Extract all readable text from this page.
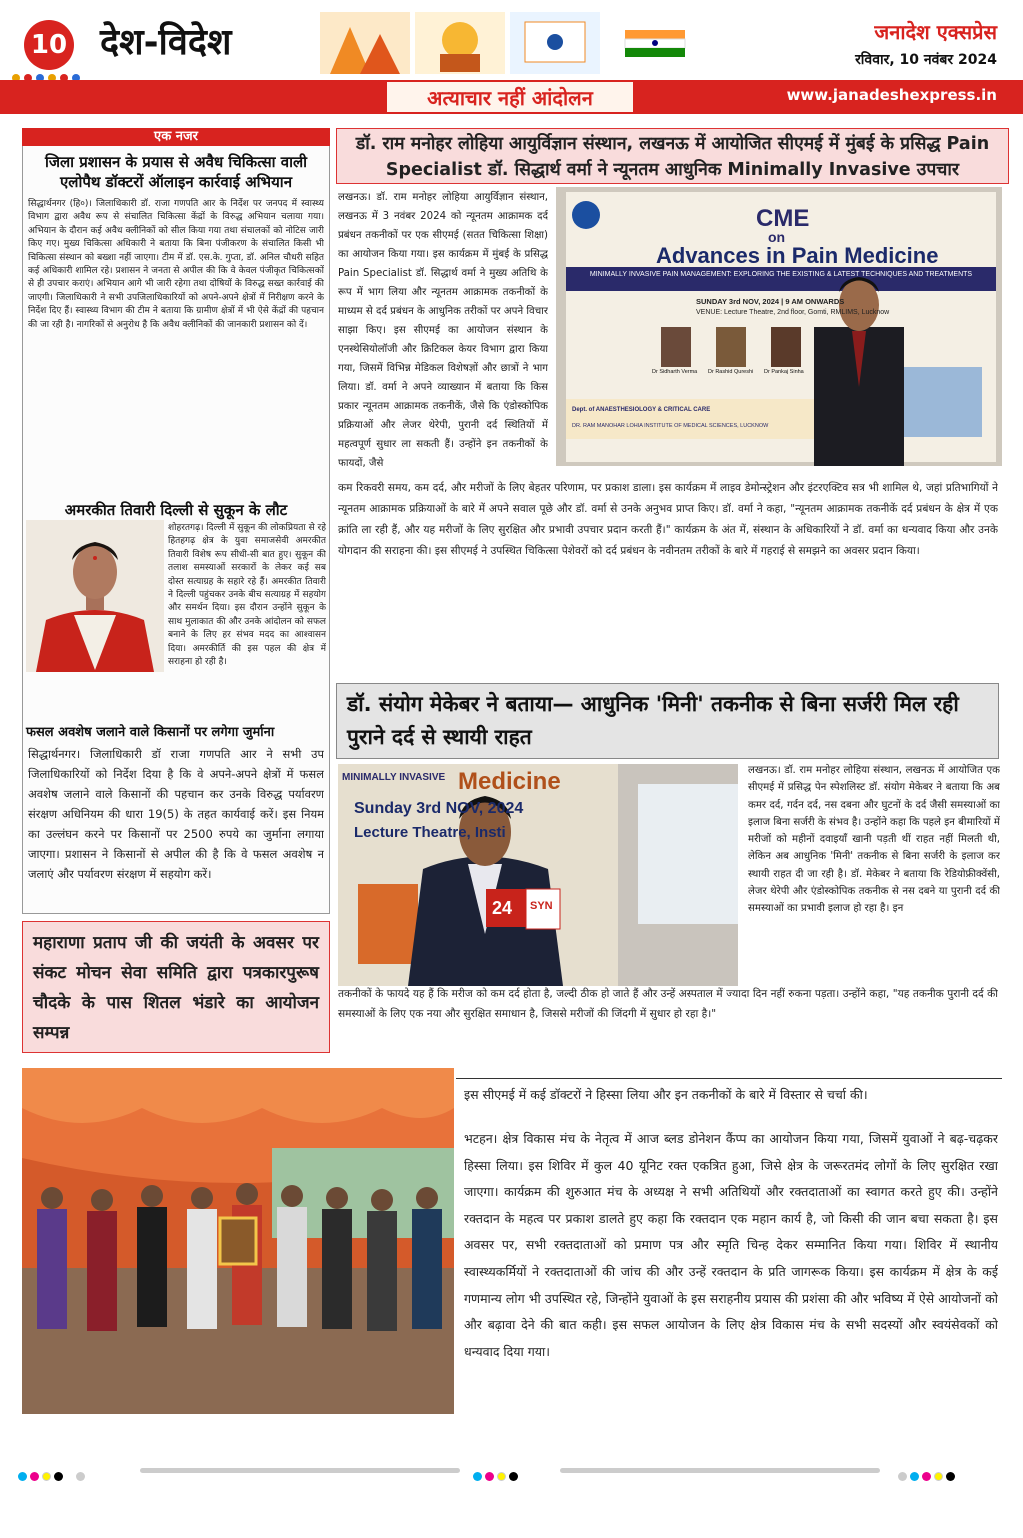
10 देश-विदेश	जनादेश एक्सप्रेस
रविवार, 10 नवंबर 2024
अत्याचार नहीं आंदोलन	www.janadeshexpress.in
एक नजर
जिला प्रशासन के प्रयास से अवैध चिकित्सा वाली एलोपैथ डॉक्टरों ऑलाइन कार्रवाई अभियान
सिद्धार्थनगर (हि०)। जिलाधिकारी डॉ. राजा गणपति आर के निर्देश पर जनपद में स्वास्थ्य विभाग द्वारा अवैध रूप से संचालित चिकित्सा केंद्रों के विरुद्ध अभियान चलाया गया। अभियान के दौरान कई अवैध क्लीनिकों को सील किया गया तथा संचालकों को नोटिस जारी किए गए। मुख्य चिकित्सा अधिकारी ने बताया कि बिना पंजीकरण के संचालित किसी भी चिकित्सा संस्थान को बख्शा नहीं जाएगा। टीम में डॉ. एस.के. गुप्ता, डॉ. अनिल चौधरी सहित कई अधिकारी शामिल रहे। प्रशासन ने जनता से अपील की कि वे केवल पंजीकृत चिकित्सकों से ही उपचार कराएं। अभियान आगे भी जारी रहेगा तथा दोषियों के विरुद्ध सख्त कार्रवाई की जाएगी। जिलाधिकारी ने सभी उपजिलाधिकारियों को अपने-अपने क्षेत्रों में निरीक्षण करने के निर्देश दिए हैं। स्वास्थ्य विभाग की टीम ने बताया कि ग्रामीण क्षेत्रों में भी ऐसे केंद्रों की पहचान की जा रही है। नागरिकों से अनुरोध है कि अवैध क्लीनिकों की जानकारी प्रशासन को दें।
अमरकीत तिवारी दिल्ली से सुकून के लौट
शोहरतगढ़। दिल्ली में सुकून की लोकप्रियता से रहे हितहगढ़ क्षेत्र के युवा समाजसेवी अमरकीत तिवारी विशेष रूप सीधी-सी बात हुए। सुकून की तलाश समस्याओं सरकारों के लेकर कई सब दोस्त सत्याग्रह के सहारे रहे हैं। अमरकीत तिवारी ने दिल्ली पहुंचकर उनके बीच सत्याग्रह में सहयोग और समर्थन दिया। इस दौरान उन्होंने सुकून के साथ मुलाकात की और उनके आंदोलन को सफल बनाने के लिए हर संभव मदद का आश्वासन दिया। अमरकीर्ति की इस पहल की क्षेत्र में सराहना हो रही है।
फसल अवशेष जलाने वाले किसानों पर लगेगा जुर्माना
सिद्धार्थनगर। जिलाधिकारी डॉ राजा गणपति आर ने सभी उप जिलाधिकारियों को निर्देश दिया है कि वे अपने-अपने क्षेत्रों में फसल अवशेष जलाने वाले किसानों की पहचान कर उनके विरुद्ध पर्यावरण संरक्षण अधिनियम की धारा 19(5) के तहत कार्यवाई करें। इस नियम का उल्लंघन करने पर किसानों पर 2500 रुपये का जुर्माना लगाया जाएगा। प्रशासन ने किसानों से अपील की है कि वे फसल अवशेष न जलाएं और पर्यावरण संरक्षण में सहयोग करें।
महाराणा प्रताप जी की जयंती के अवसर पर संकट मोचन सेवा समिति द्वारा पत्रकारपुरूष चौदके के पास शितल भंडारे का आयोजन सम्पन्न
डॉ. राम मनोहर लोहिया आयुर्विज्ञान संस्थान, लखनऊ में आयोजित सीएमई में मुंबई के प्रसिद्ध Pain Specialist डॉ. सिद्धार्थ वर्मा ने न्यूनतम आधुनिक Minimally Invasive उपचार
लखनऊ। डॉ. राम मनोहर लोहिया आयुर्विज्ञान संस्थान, लखनऊ में 3 नवंबर 2024 को न्यूनतम आक्रामक दर्द प्रबंधन तकनीकों पर एक सीएमई (सतत चिकित्सा शिक्षा) का आयोजन किया गया। इस कार्यक्रम में मुंबई के प्रसिद्ध Pain Specialist डॉ. सिद्धार्थ वर्मा ने मुख्य अतिथि के रूप में भाग लिया और न्यूनतम आक्रामक तकनीकों के माध्यम से दर्द प्रबंधन के आधुनिक तरीकों पर अपने विचार साझा किए। इस सीएमई का आयोजन संस्थान के एनस्थेसियोलॉजी और क्रिटिकल केयर विभाग द्वारा किया गया, जिसमें विभिन्न मेडिकल विशेषज्ञों और छात्रों ने भाग लिया। डॉ. वर्मा ने अपने व्याख्यान में बताया कि किस प्रकार न्यूनतम आक्रामक तकनीकें, जैसे कि एंडोस्कोपिक प्रक्रियाओं और लेजर थेरेपी, पुरानी दर्द स्थितियों में महत्वपूर्ण सुधार ला सकती हैं। उन्होंने इन तकनीकों के फायदों, जैसे
CME
on
Advances in Pain Medicine
MINIMALLY INVASIVE PAIN MANAGEMENT: EXPLORING THE EXISTING & LATEST TECHNIQUES AND TREATMENTS
SUNDAY 3rd NOV, 2024 | 9 AM ONWARDS
VENUE: Lecture Theatre, 2nd floor, Gomti, RMLIMS, Lucknow
Dr Sidharth Verma Dr Rashid Qureshi Dr Pankaj Sinha
Dept. of ANAESTHESIOLOGY & CRITICAL CARE
DR. RAM MANOHAR LOHIA INSTITUTE OF MEDICAL SCIENCES, LUCKNOW
कम रिकवरी समय, कम दर्द, और मरीजों के लिए बेहतर परिणाम, पर प्रकाश डाला। इस कार्यक्रम में लाइव डेमोन्स्ट्रेशन और इंटरएक्टिव सत्र भी शामिल थे, जहां प्रतिभागियों ने न्यूनतम आक्रामक प्रक्रियाओं के बारे में अपने सवाल पूछे और डॉ. वर्मा से उनके अनुभव प्राप्त किए। डॉ. वर्मा ने कहा, "न्यूनतम आक्रामक तकनीकें दर्द प्रबंधन के क्षेत्र में एक क्रांति ला रही हैं, और यह मरीजों के लिए सुरक्षित और प्रभावी उपचार प्रदान करती हैं।" कार्यक्रम के अंत में, संस्थान के अधिकारियों ने डॉ. वर्मा का धन्यवाद किया और उनके योगदान की सराहना की। इस सीएमई ने उपस्थित चिकित्सा पेशेवरों को दर्द प्रबंधन के नवीनतम तरीकों के बारे में गहराई से समझने का अवसर प्रदान किया।
डॉ. संयोग मेकेबर ने बताया— आधुनिक 'मिनी' तकनीक से बिना सर्जरी मिल रही पुराने दर्द से स्थायी राहत
Medicine
MINIMALLY INVASIVE
Sunday 3rd NOV, 2024
Lecture Theatre, Insti
24 SYN
लखनऊ। डॉ. राम मनोहर लोहिया संस्थान, लखनऊ में आयोजित एक सीएमई में प्रसिद्ध पेन स्पेशलिस्ट डॉ. संयोग मेकेबर ने बताया कि अब कमर दर्द, गर्दन दर्द, नस दबना और घुटनों के दर्द जैसी समस्याओं का इलाज बिना सर्जरी के संभव है। उन्होंने कहा कि पहले इन बीमारियों में मरीजों को महीनों दवाइयाँ खानी पड़ती थीं राहत नहीं मिलती थी, लेकिन अब आधुनिक 'मिनी' तकनीक से बिना सर्जरी के इलाज कर स्थायी राहत दी जा रही है। डॉ. मेकेबर ने बताया कि रेडियोफ्रीक्वेंसी, लेजर थेरेपी और एंडोस्कोपिक तकनीक से नस दबने या पुरानी दर्द की समस्याओं का प्रभावी इलाज हो रहा है। इन
तकनीकों के फायदे यह हैं कि मरीज को कम दर्द होता है, जल्दी ठीक हो जाते हैं और उन्हें अस्पताल में ज्यादा दिन नहीं रुकना पड़ता। उन्होंने कहा, "यह तकनीक पुरानी दर्द की समस्याओं के लिए एक नया और सुरक्षित समाधान है, जिससे मरीजों की जिंदगी में सुधार हो रहा है।"
इस सीएमई में कई डॉक्टरों ने हिस्सा लिया और इन तकनीकों के बारे में विस्तार से चर्चा की।
भटहन। क्षेत्र विकास मंच के नेतृत्व में आज ब्लड डोनेशन कैंप्प का आयोजन किया गया, जिसमें युवाओं ने बढ़-चढ़कर हिस्सा लिया। इस शिविर में कुल 40 यूनिट रक्त एकत्रित हुआ, जिसे क्षेत्र के जरूरतमंद लोगों के लिए सुरक्षित रखा जाएगा। कार्यक्रम की शुरुआत मंच के अध्यक्ष ने सभी अतिथियों और रक्तदाताओं का स्वागत करते हुए की। उन्होंने रक्तदान के महत्व पर प्रकाश डालते हुए कहा कि रक्तदान एक महान कार्य है, जो किसी की जान बचा सकता है। इस अवसर पर, सभी रक्तदाताओं को प्रमाण पत्र और स्मृति चिन्ह देकर सम्मानित किया गया। शिविर में स्थानीय स्वास्थ्यकर्मियों ने रक्तदाताओं की जांच की और उन्हें रक्तदान के प्रति जागरूक किया। इस कार्यक्रम में क्षेत्र के कई गणमान्य लोग भी उपस्थित रहे, जिन्होंने युवाओं के इस सराहनीय प्रयास की प्रशंसा की और भविष्य में ऐसे आयोजनों को और बढ़ावा देने की बात कही। इस सफल आयोजन के लिए क्षेत्र विकास मंच के सभी सदस्यों और स्वयंसेवकों को धन्यवाद दिया गया।
